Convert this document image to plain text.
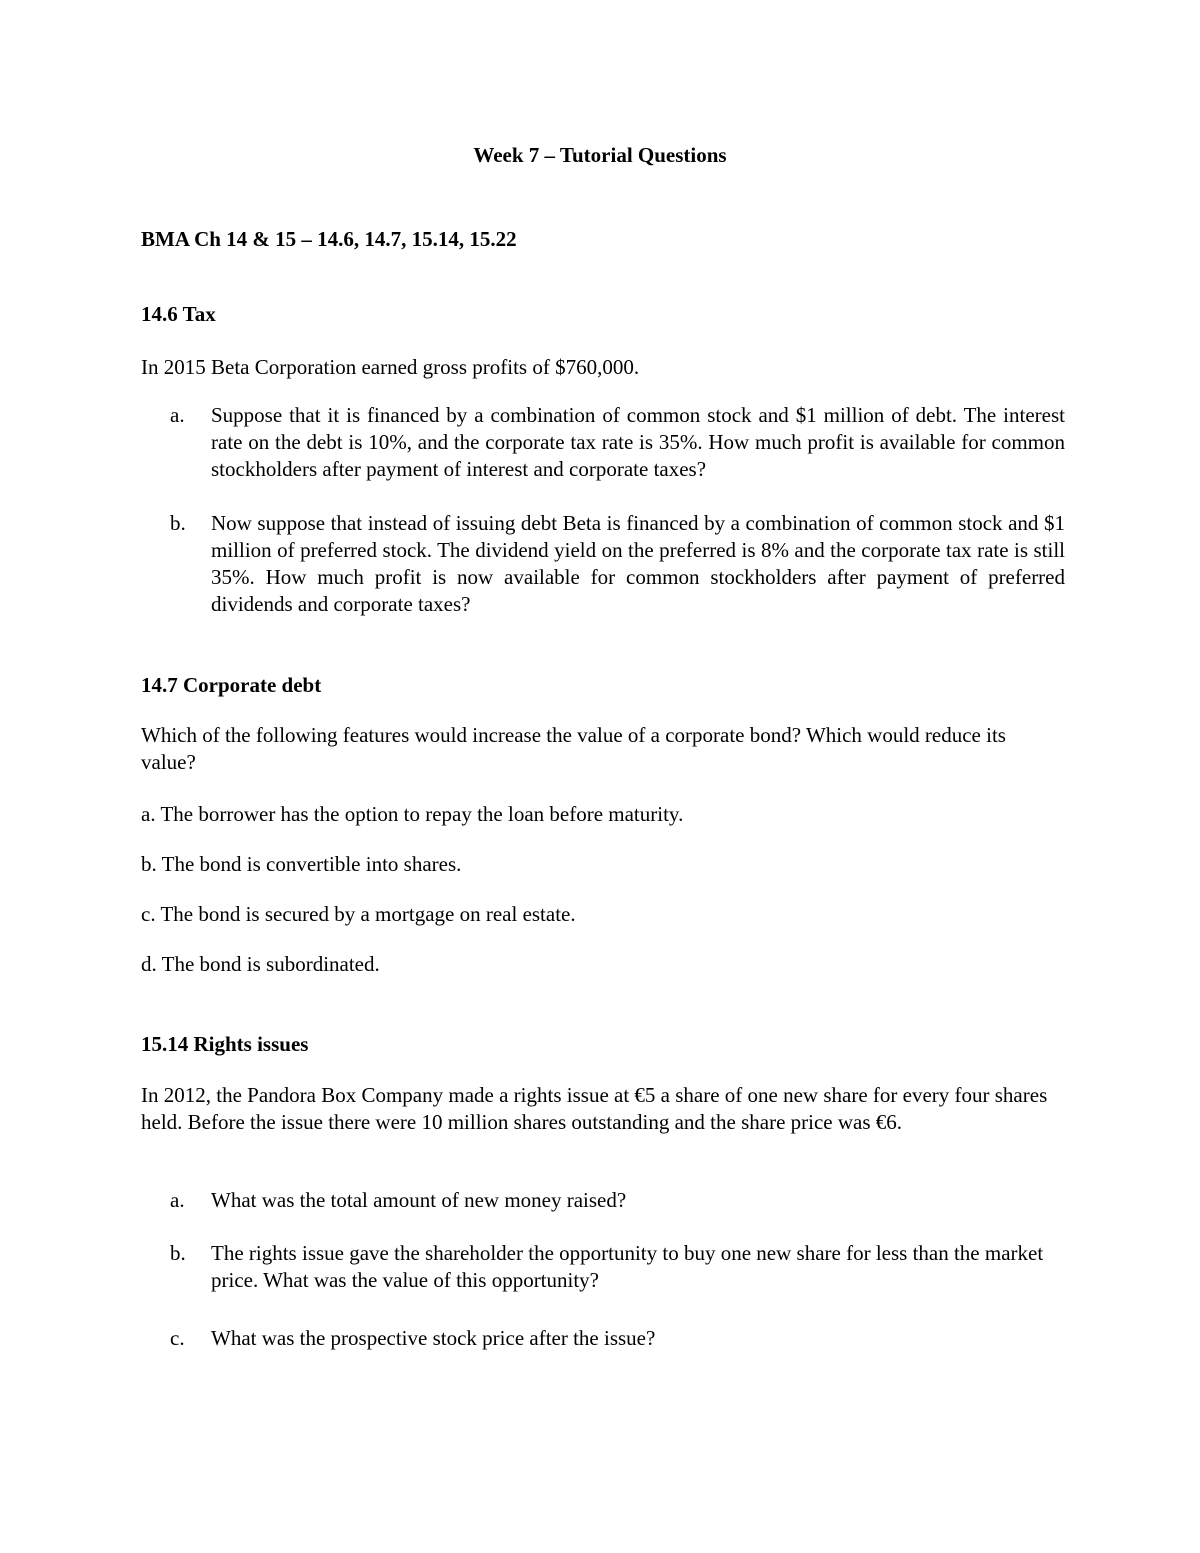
Week 7 – Tutorial Questions

BMA Ch 14 & 15 – 14.6, 14.7, 15.14, 15.22

14.6 Tax

In 2015 Beta Corporation earned gross profits of $760,000.

a. Suppose that it is financed by a combination of common stock and $1 million of debt. The interest rate on the debt is 10%, and the corporate tax rate is 35%. How much profit is available for common stockholders after payment of interest and corporate taxes?
b. Now suppose that instead of issuing debt Beta is financed by a combination of common stock and $1 million of preferred stock. The dividend yield on the preferred is 8% and the corporate tax rate is still 35%. How much profit is now available for common stockholders after payment of preferred dividends and corporate taxes?

14.7 Corporate debt

Which of the following features would increase the value of a corporate bond? Which would reduce its value?

a. The borrower has the option to repay the loan before maturity.

b. The bond is convertible into shares.

c. The bond is secured by a mortgage on real estate.

d. The bond is subordinated.

15.14 Rights issues

In 2012, the Pandora Box Company made a rights issue at €5 a share of one new share for every four shares held. Before the issue there were 10 million shares outstanding and the share price was €6.

a. What was the total amount of new money raised?
b. The rights issue gave the shareholder the opportunity to buy one new share for less than the market price. What was the value of this opportunity?
c. What was the prospective stock price after the issue?
